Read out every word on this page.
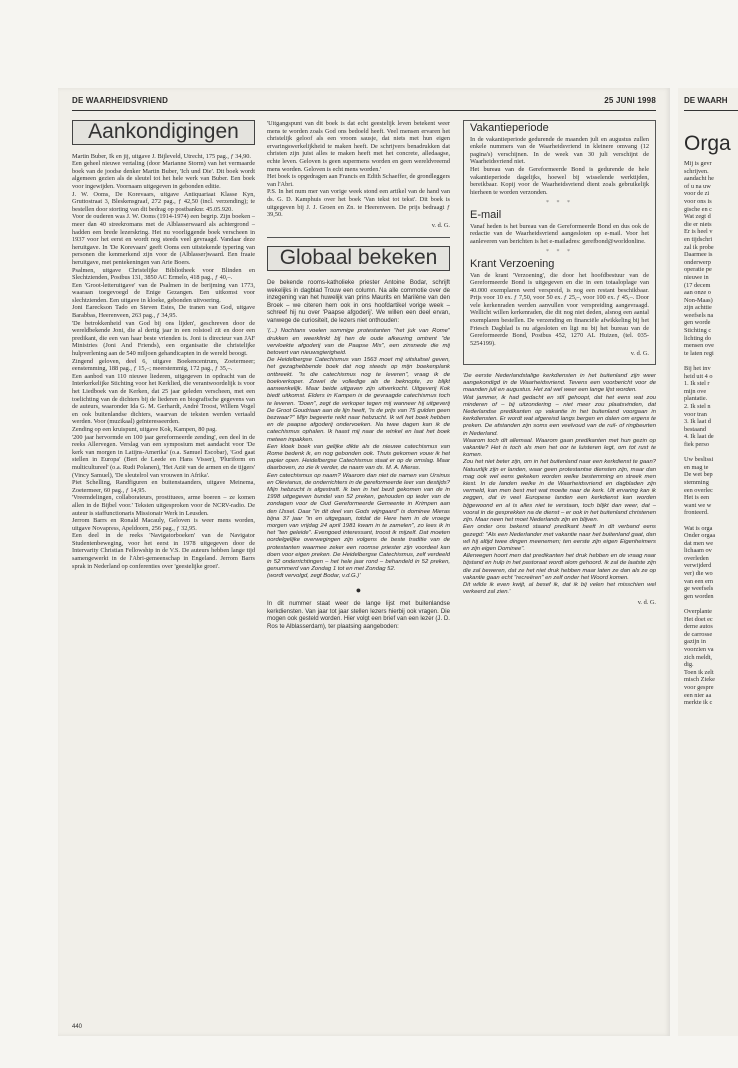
DE WAARHEIDSVRIEND	25 JUNI 1998
Aankondigingen

Martin Buber, Ik en jij, uitgave J. Bijleveld, Utrecht, 175 pag., ƒ 34,90.

Een geheel nieuwe vertaling (door Marianne Storm) van het vermaarde boek van de joodse denker Martin Buber, 'Ich und Die'. Dit boek wordt algemeen gezien als de sleutel tot het hele werk van Buber. Een boek voor ingewijden. Voornaam uitgegeven in gebonden editie.

J. W. Ooms, De Korevaars, uitgave Antiquariaat Klasse Kyn, Gruttostraat 3, Bleskensgraaf, 272 pag., ƒ 42,50 (incl. verzending); te bestellen door storting van dit bedrag op postbanknr. 45.05.920.

Voor de ouderen was J. W. Ooms (1914-1974) een begrip. Zijn boeken – meer dan 40 streekromans met de Alblasserwaard als achtergrond – hadden een brede lezerskring. Het nu voorliggende boek verscheen in 1937 voor het eerst en wordt nog steeds veel gevraagd. Vandaar deze heruitgave. In 'De Korevaars' geeft Ooms een uitstekende typering van personen die kenmerkend zijn voor de (Alblasser)waard. Een fraaie heruitgave, met pentekeningen van Arie Boers.

Psalmen, uitgave Christelijke Bibliotheek voor Blinden en Slechtzienden, Postbus 131, 3850 AC Ermelo, 418 pag., ƒ 40,–.

Een 'Groot-letteruitgave' van de Psalmen in de berijming van 1773, waaraan toegevoegd de Enige Gezangen. Een uitkomst voor slechtzienden. Een uitgave in kloeke, gebonden uitvoering.

Joni Eareckson Tado en Steven Estes, De tranen van God, uitgave Barabbas, Heerenveen, 263 pag., ƒ 34,95.

'De betrokkenheid van God bij ons lijden', geschreven door de wereldbekende Joni, die al dertig jaar in een rolstoel zit en door een predikant, die een van haar beste vrienden is. Joni is directeur van JAF Ministries (Joni And Friends), een organisatie die christelijke hulpverlening aan de 540 miljoen gehandicapten in de wereld beoogt.

Zingend geloven, deel 6, uitgave Boekencentrum, Zoetermeer; eenstemming, 188 pag., ƒ 15,–; meerstemmig, 172 pag., ƒ 35,–.

Een aanbod van 110 nieuwe liederen, uitgegeven in opdracht van de Interkerkelijke Stichting voor het Kerklied, die verantwoordelijk is voor het Liedboek van de Kerken, dat 25 jaar geleden verscheen, met een toelichting van de dichters bij de liederen en biografische gegevens van de auteurs, waaronder Ida G. M. Gerhardt, André Troost, Willem Vogel en ook buitenlandse dichters, waarvan de teksten werden vertaald werden. Voor (muzikaal) geïnteresseerden.

Zending op een kruispunt, uitgave Kok, Kampen, 80 pag.

'200 jaar hervormde en 100 jaar gereformeerde zending', een deel in de reeks Allervegen. Verslag van een symposium met aandacht voor 'De kerk van morgen in Latijns-Amerika' (o.a. Samuel Escobar), 'God gaat stellen in Europa' (Bert de Leede en Hans Visser), 'Pluriform en multicultureel' (o.a. Rudi Polanen), 'Het Azië van de armen en de tijgers' (Vincy Samuel), 'De sleutelrol van vrouwen in Afrika'.

Piet Schelling, Randfiguren en buitenstaanders, uitgave Meinema, Zoetermeer, 60 pag., ƒ 14,95.

'Vreemdelingen, collaborateurs, prostituees, arme boeren – ze komen allen in de Bijbel voor.' Teksten uitgesproken voor de NCRV-radio. De auteur is staffunctionaris Missionair Werk in Leusden.

Jerrom Barrs en Ronald Macauly, Geloven is weer mens worden, uitgave Novapress, Apeldoorn, 256 pag., ƒ 32,95.

Een deel in de reeks 'Navigatorboeken' van de Navigator Studentenbeweging, voor het eerst in 1978 uitgegeven door de Intervarity Christian Fellowship in de V.S. De auteurs hebben lange tijd samengewerkt in de l'Abri-gemeenschap in Engeland. Jerrom Barrs sprak in Nederland op conferenties over 'geestelijke groei'.

'Uitgangspunt van dit boek is dat echt geestelijk leven betekent weer mens te worden zoals God ons bedoeld heeft. Veel mensen ervaren het christelijk geloof als een vroom sausje, dat niets met hun eigen ervaringswerkelijkheid te maken heeft. De schrijvers benadrukken dat christen zijn juist alles te maken heeft met het concrete, alledaagse, echte leven. Geloven is geen supermens worden en geen wereldvreemd mens worden. Geloven is echt mens worden.'

Het boek is opgedragen aan Francis en Edith Schaeffer, de grondleggers van l'Abri.

P.S. In het num mer van vorige week stond een artikel van de hand van ds. G. D. Kamphuis over het boek 'Van tekst tot tekst'. Dit boek is uitgegeven bij J. J. Groen en Zn. te Heerenveen. De prijs bedraagt ƒ 39,50.

v. d. G.
Globaal bekeken

De bekende rooms-katholieke priester Antoine Bodar, schrijft wekelijks in dagblad Trouw een column. Na alle commotie over de inzegening van het huwelijk van prins Maurits en Marilène van den Broek – we citeren hem ook in ons hoofdartikel vorige week – schreef hij nu over 'Paapse afgoderij'. We willen een deel ervan, vanwege de curiositeit, de lezers niet onthouden:

'(...) Nochtans voelen sommige protestanten "het juk van Rome" drukken en weerklinkt bij hen de oude afkeuring omtrent "de vervloekte afgoderij van de Paapse Mis", een zinsnede die mij betovert van nieuwsgierigheid.

De Heidelbergse Catechismus van 1563 moet mij uitsluitsel geven, het gezaghebbende boek dat nog steeds op mijn boekenplank ontbreekt. "Is die catechismus nog te leveren", vraag ik de boekverkoper. Zowel de volledige als de beknopte, zo blijkt aanwenkelijk. Maar beide uitgaven zijn uitverkocht. Uitgeverij Kok biedt uitkomst. Elders in Kampen is de gevraagde catechismus toch te leveren. "Doen", zegt de verkoper tegen mij wanneer hij uitgeverij De Groot Goudriaan aan de lijn heeft, "is de prijs van 75 gulden geen bezwaar?" Mijn begeerte reikt naar hebzucht. Ik wil het boek hebben en de paapse afgoderij ondervoeken. Na twee dagen kan ik de catechismus ophalen. Ik haast mij naar de winkel en laat het boek meteen inpakken.

Een kloek boek van gelijke dikte als de nieuwe catechismus van Rome bedenk ik, en nog gebonden ook. Thuis gekomen vouw ik het papier open. Heidelbergse Catechismus staat er op de omslag. Maar daarboven, zo zie ik verder, de naam van ds. M. A. Mieras.

Een catechismus op naam? Waarom dan niet de namen van Ursinus en Olevianus, de onderrichters in de gereformeerde leer van destijds? Mijn hebzucht is afgestraft. Ik ben in het bezit gekomen van de in 1998 uitgegeven bundel van 52 preken, gehouden op ieder van de zondagen voor de Oud Gereformeerde Gemeente in Krimpen aan den IJssel. Daar "in dit deel van Gods wijngaard" is dominee Mieras bijna 37 jaar "in en uitgegaan, totdat de Here hem in de vroege morgen van vrijdag 24 april 1981 kwam in te zamelen", zo lees ik in het "ten geleide". Evengoed interessant, troost ik mijzelf. Dat moeten oordelgelijke overwegingen zijn volgens de beste traditie van de protestanten waarmee zeker een roomse priester zijn voordeel kan doen voor eigen preken. De Heidelbergse Catechismus, zelf verdeeld in 52 onderrichtingen – het hele jaar rond – behandeld in 52 preken, genummerd van Zondag 1 tot en met Zondag 52.

(wordt vervolgd, zegt Bodar, v.d.G.)'

●

In dit nummer staat weer de lange lijst met buitenlandse kerkdiensten. Van jaar tot jaar stellen lezers hierbij ook vragen. Die mogen ook gesteld worden. Hier volgt een brief van een lezer (J. D. Ros te Alblasserdam), ter plaatsing aangeboden:

Vakantieperiode

In de vakantieperiode gedurende de maanden juli en augustus zullen enkele nummers van de Waarheidsvriend in kleinere omvang (12 pagina's) verschijnen. In de week van 30 juli verschijnt de Waarheidsvriend niet.

Het bureau van de Gereformeerde Bond is gedurende de hele vakantieperiode dagelijks, hoewel bij wisselende werktijden, bereikbaar. Kopij voor de Waarheidsvriend dient zoals gebruikelijk hierheen te worden verzonden.

* * *
E-mail

Vanaf heden is het bureau van de Gereformeerde Bond en dus ook de redactie van de Waarheidsvriend aangesloten op e-mail. Voor het aanleveren van berichten is het e-mailadres: gerefbond@worldonline.

* * *
Krant Verzoening

Van de krant 'Verzoening', die door het hoofdbestuur van de Gereformeerde Bond is uitgegeven en die in een totaaloplage van 40.000 exemplaren werd verspreid, is nog een restant beschikbaar. Prijs voor 10 ex. ƒ 7,50, voor 50 ex. ƒ 25,–, voor 100 ex. ƒ 45,–. Door vele kerkenraden werden aanvullen voor verspreiding aangevraagd. Wellicht willen kerkenraden, die dit nog niet deden, alsnog een aantal exemplaren bestellen. De verzending en financiële afwikkeling bij het Friesch Dagblad is nu afgesloten en ligt nu bij het bureau van de Gereformeerde Bond, Postbus 452, 1270 AL Huizen, (tel. 035-5254199).

v. d. G.

'De eerste Nederlandstalige kerkdiensten in het buitenland zijn weer aangekondigd in de Waarheidsvriend. Tevens een voorbericht voor de maanden juli en augustus. Het zal wel weer een lange lijst worden.

Wat jammer, ik had gedacht en stil gehoopt, dat het eens wat zou minderen of – bij uitzondering – niet meer zou plaatsvinden, dat Nederlandse predikanten op vakantie in het buitenland voorgaan in kerkdiensten. Er wordt wat afgereisd langs bergen en dalen om ergens te preken. De afstanden zijn soms een veelvoud van de ruil- of ringbeurten in Nederland.

Waarom toch dit allemaal. Waarom gaan predikanten met hun gezin op vakantie? Het is toch als men het oor te luisteren legt, om tot rust te komen.

Zou het niet beter zijn, om in het buitenland naar een kerkdienst te gaan? Natuurlijk zijn er landen, waar geen protestantse diensten zijn, maar dan mag ook wel eens gekeken worden welke bestemming en streek men kiest. In de landen welke in de Waarheidsvriend en dagbladen zijn vermeld, kan men best met wat moeite naar de kerk. Uit ervaring kan ik zeggen, dat in veel Europese landen een kerkdienst kan worden bijgewoond en al is alles niet te verstaan, toch blijkt dan weer, dat – vooral in de gesprekken na de dienst – er ook in het buitenland christenen zijn. Maar neen het moet Nederlands zijn en blijven.

Een onder ons bekend staand predikant heeft in dit verband eens gezegd: "Als een Nederlander met vakantie naar het buitenland gaat, dan wil hij altijd twee dingen meenemen; ten eerste zijn eigen Eigenheimers en zijn eigen Dominee".

Allerwegen hoort men dat predikanten het druk hebben en de vraag naar bijstand en hulp in het pastoraat wordt alom gehoord. Ik zal de laatste zijn die zal beweren, dat ze het niet druk hebben maar laten ze dan als ze op vakantie gaan echt "recreëren" en zelf onder het Woord komen.

Dit wilde ik even kwijt, al besef ik, dat ik bij velen het misschien wel verkeerd zal zien.'

v. d. G.
440
DE WAARH
Orga

Mij is gevr

schrijven.

aandacht he

of u na uw

voor de zi

voor ons is

gische en c

Wat zegt d

die er niets

Er is heel v

en tijdschri

zal ik probe

Daarmee is

onderwerp

operatie pe

nieuwe in

(17 decem

aan onze o

Non-Maas)

zijn achttie

weefsels na

gen worde

Stichting c

lichting do

mensen ove

te laten regi

Bij het inv

heid uit 4 o

1. Ik stel r

mijn ove

plantatie.

2. Ik stel n

voor tran

3. Ik laat d

bestaand

4. Ik laat de

fiek perso

Uw beslissi

en mag te

De wet bep

stemming

een overlec

Het is een

want we w

fronteerd.

Wat is orga

Onder orgaa

dat men we

lichaam ov

overleden

verwijderd

ver) die wo

van een ern

ge weefsels

gen worden

Overplante

Het doet ec

derne autos

de carrosse

gazijn in

voorzien va

zich meldt,

dig.

Toen ik zelt

misch Zieke

voor gespre

een nier aa

merkte ik c
